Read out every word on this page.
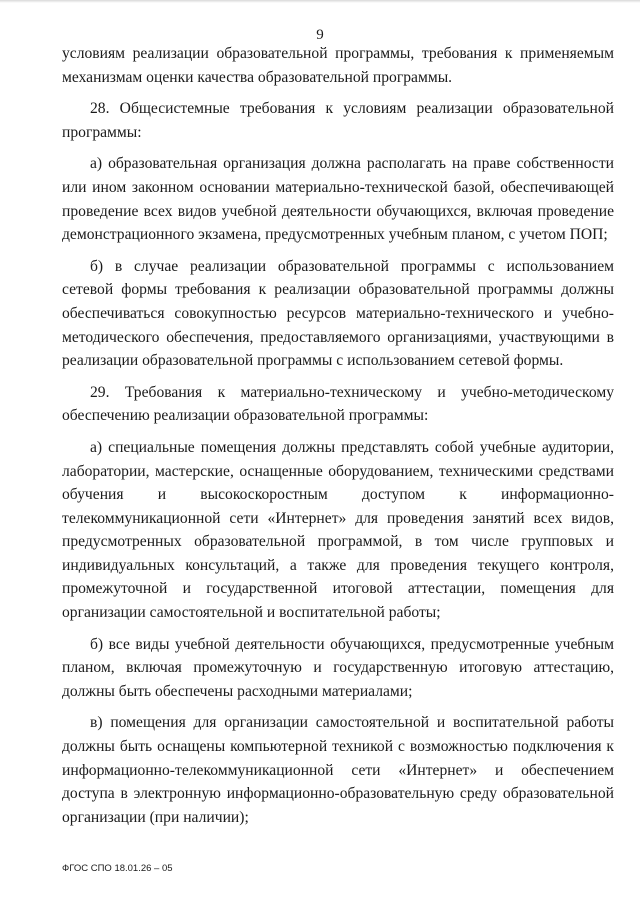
9

условиям реализации образовательной программы, требования к применяемым механизмам оценки качества образовательной программы.

28. Общесистемные требования к условиям реализации образовательной программы:

а) образовательная организация должна располагать на праве собственности или ином законном основании материально-технической базой, обеспечивающей проведение всех видов учебной деятельности обучающихся, включая проведение демонстрационного экзамена, предусмотренных учебным планом, с учетом ПОП;

б) в случае реализации образовательной программы с использованием сетевой формы требования к реализации образовательной программы должны обеспечиваться совокупностью ресурсов материально-технического и учебно-методического обеспечения, предоставляемого организациями, участвующими в реализации образовательной программы с использованием сетевой формы.

29. Требования к материально-техническому и учебно-методическому обеспечению реализации образовательной программы:

а) специальные помещения должны представлять собой учебные аудитории, лаборатории, мастерские, оснащенные оборудованием, техническими средствами обучения и высокоскоростным доступом к информационно-телекоммуникационной сети «Интернет» для проведения занятий всех видов, предусмотренных образовательной программой, в том числе групповых и индивидуальных консультаций, а также для проведения текущего контроля, промежуточной и государственной итоговой аттестации, помещения для организации самостоятельной и воспитательной работы;

б) все виды учебной деятельности обучающихся, предусмотренные учебным планом, включая промежуточную и государственную итоговую аттестацию, должны быть обеспечены расходными материалами;

в) помещения для организации самостоятельной и воспитательной работы должны быть оснащены компьютерной техникой с возможностью подключения к информационно-телекоммуникационной сети «Интернет» и обеспечением доступа в электронную информационно-образовательную среду образовательной организации (при наличии);

ФГОС СПО 18.01.26 – 05
